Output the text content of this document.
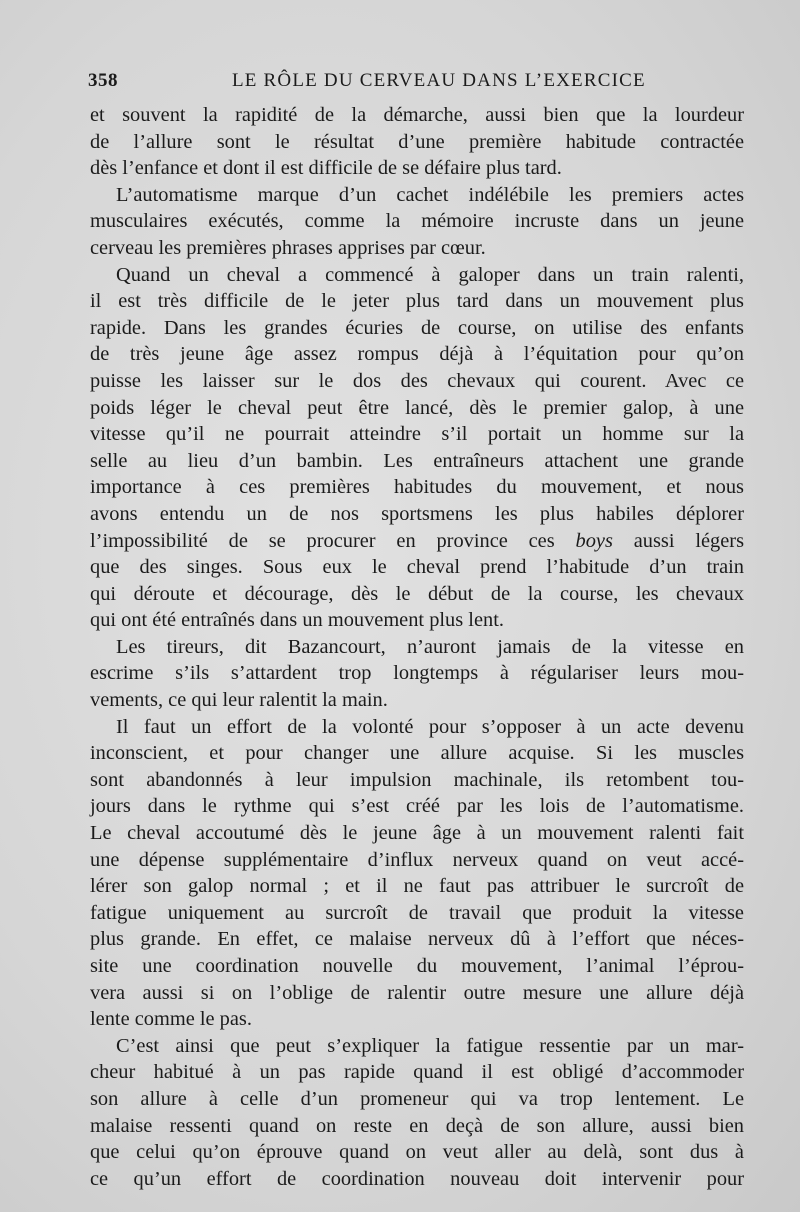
358	LE RÔLE DU CERVEAU DANS L’EXERCICE
et souvent la rapidité de la démarche, aussi bien que la lourdeur
de l’allure sont le résultat d’une première habitude contractée
dès l’enfance et dont il est difficile de se défaire plus tard.
L’automatisme marque d’un cachet indélébile les premiers actes
musculaires exécutés, comme la mémoire incruste dans un jeune
cerveau les premières phrases apprises par cœur.
Quand un cheval a commencé à galoper dans un train ralenti,
il est très difficile de le jeter plus tard dans un mouvement plus
rapide. Dans les grandes écuries de course, on utilise des enfants
de très jeune âge assez rompus déjà à l’équitation pour qu’on
puisse les laisser sur le dos des chevaux qui courent. Avec ce
poids léger le cheval peut être lancé, dès le premier galop, à une
vitesse qu’il ne pourrait atteindre s’il portait un homme sur la
selle au lieu d’un bambin. Les entraîneurs attachent une grande
importance à ces premières habitudes du mouvement, et nous
avons entendu un de nos sportsmens les plus habiles déplorer
l’impossibilité de se procurer en province ces boys aussi légers
que des singes. Sous eux le cheval prend l’habitude d’un train
qui déroute et décourage, dès le début de la course, les chevaux
qui ont été entraînés dans un mouvement plus lent.
Les tireurs, dit Bazancourt, n’auront jamais de la vitesse en
escrime s’ils s’attardent trop longtemps à régulariser leurs mou-
vements, ce qui leur ralentit la main.
Il faut un effort de la volonté pour s’opposer à un acte devenu
inconscient, et pour changer une allure acquise. Si les muscles
sont abandonnés à leur impulsion machinale, ils retombent tou-
jours dans le rythme qui s’est créé par les lois de l’automatisme.
Le cheval accoutumé dès le jeune âge à un mouvement ralenti fait
une dépense supplémentaire d’influx nerveux quand on veut accé-
lérer son galop normal ; et il ne faut pas attribuer le surcroît de
fatigue uniquement au surcroît de travail que produit la vitesse
plus grande. En effet, ce malaise nerveux dû à l’effort que néces-
site une coordination nouvelle du mouvement, l’animal l’éprou-
vera aussi si on l’oblige de ralentir outre mesure une allure déjà
lente comme le pas.
C’est ainsi que peut s’expliquer la fatigue ressentie par un mar-
cheur habitué à un pas rapide quand il est obligé d’accommoder
son allure à celle d’un promeneur qui va trop lentement. Le
malaise ressenti quand on reste en deçà de son allure, aussi bien
que celui qu’on éprouve quand on veut aller au delà, sont dus à
ce qu’un effort de coordination nouveau doit intervenir pour
